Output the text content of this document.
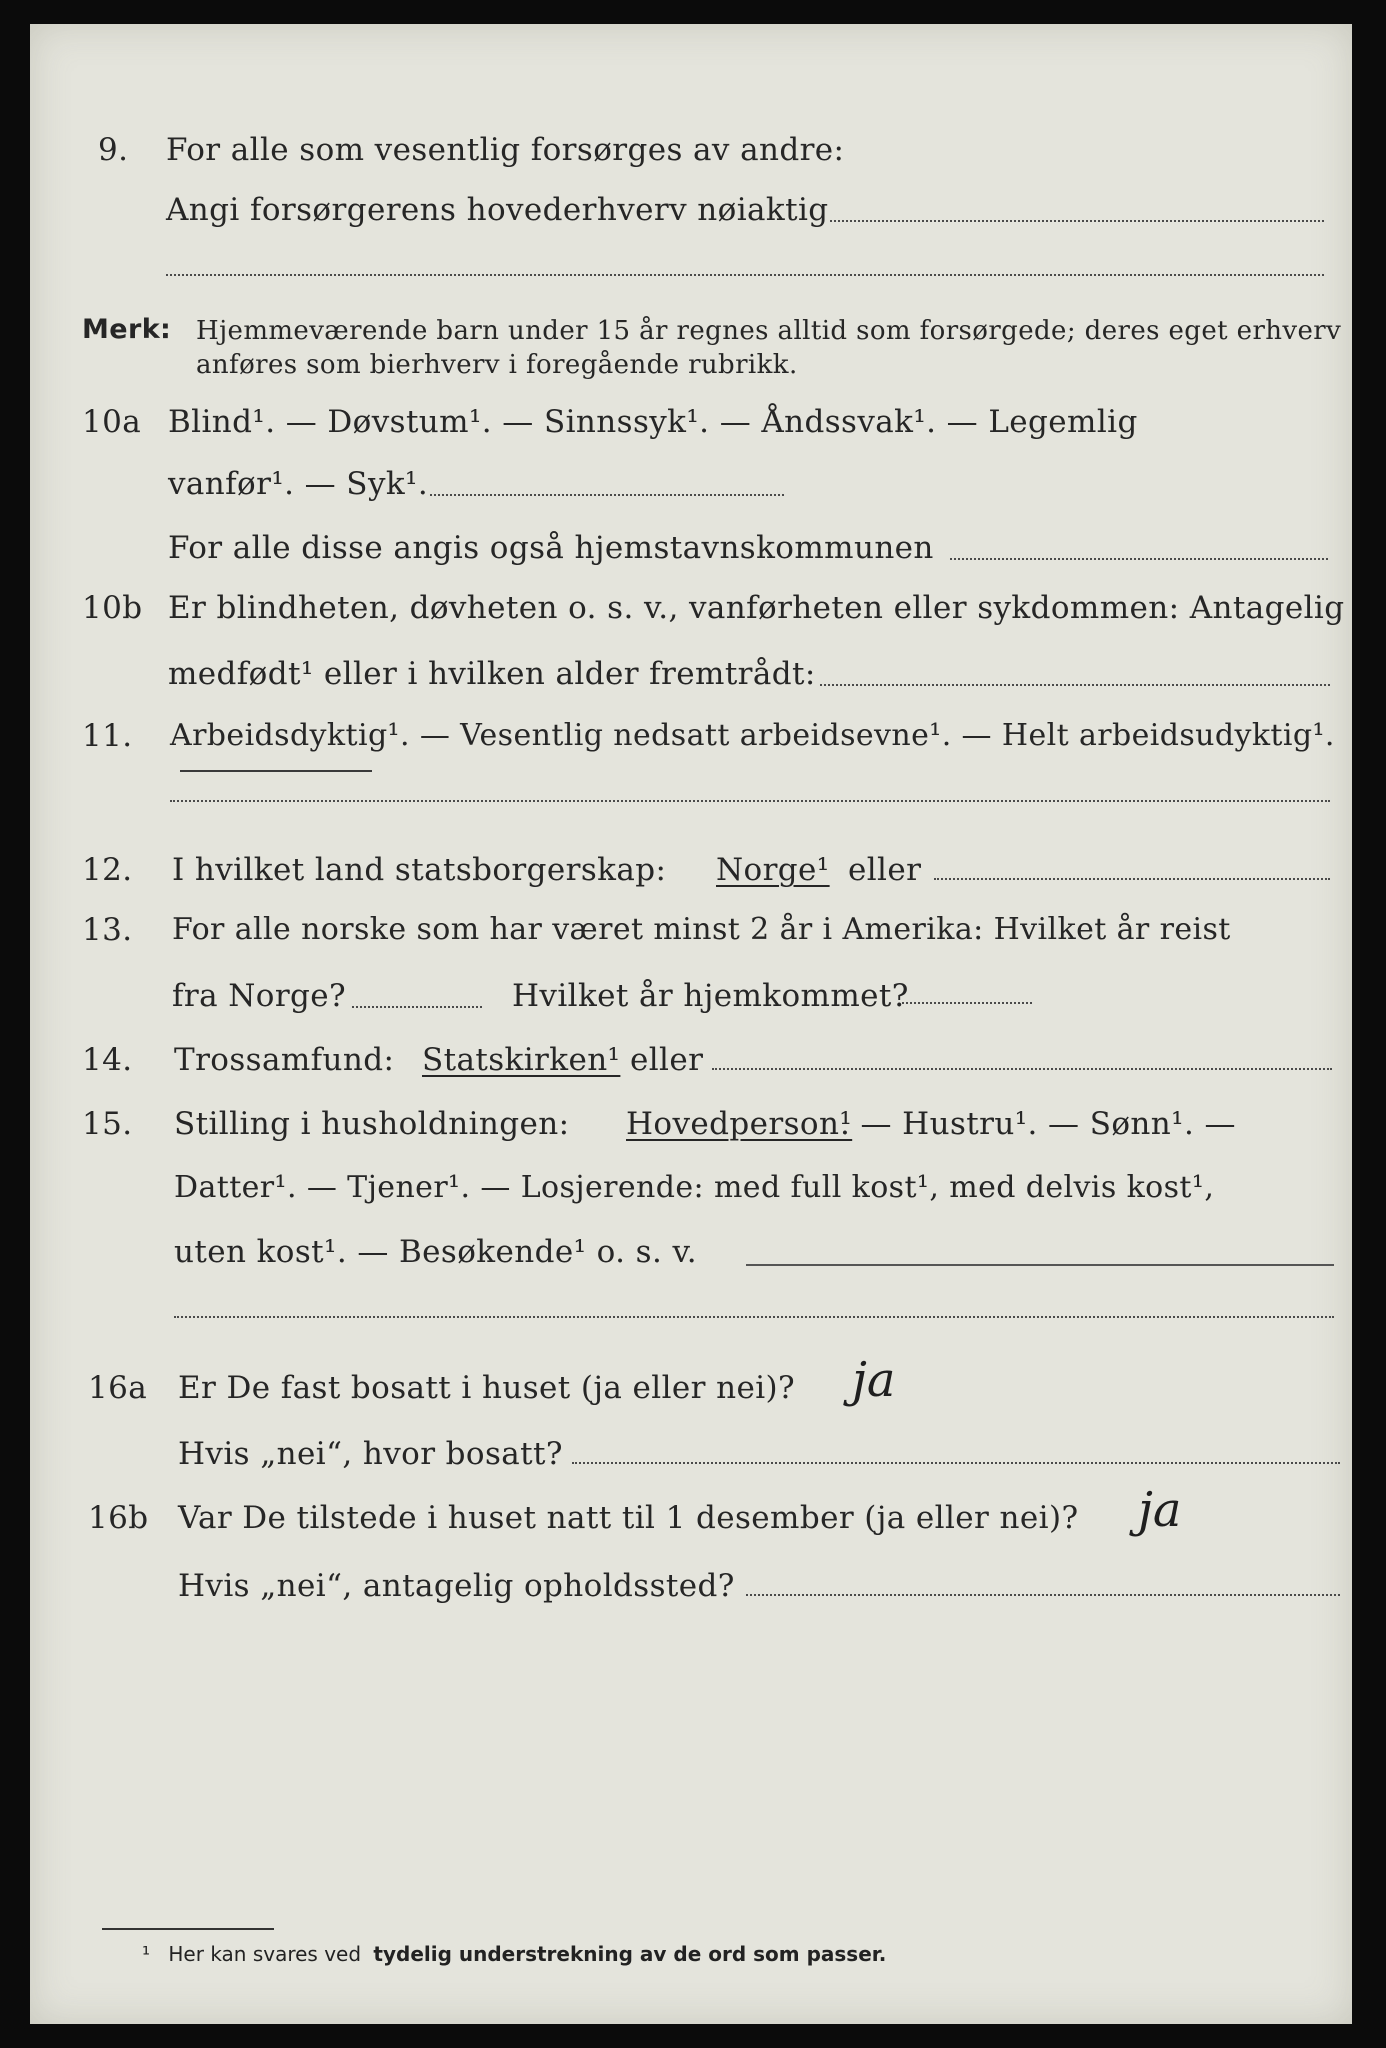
9. For alle som vesentlig forsørges av andre:
Angi forsørgerens hovederhverv nøiaktig
Merk: Hjemmeværende barn under 15 år regnes alltid som forsørgede; deres eget erhverv
anføres som bierhverv i foregående rubrikk.
10a Blind¹. — Døvstum¹. — Sinnssyk¹. — Åndssvak¹. — Legemlig
vanfør¹. — Syk¹.
For alle disse angis også hjemstavnskommunen
10b Er blindheten, døvheten o. s. v., vanførheten eller sykdommen: Antagelig
medfødt¹ eller i hvilken alder fremtrådt:
11. Arbeidsdyktig¹. — Vesentlig nedsatt arbeidsevne¹. — Helt arbeidsudyktig¹.
12. I hvilket land statsborgerskap: Norge¹ eller
13. For alle norske som har været minst 2 år i Amerika: Hvilket år reist
fra Norge?	Hvilket år hjemkommet?
14. Trossamfund: Statskirken¹ eller
15. Stilling i husholdningen: Hovedperson¹
. — Hustru¹. — Sønn¹. —
Datter¹. — Tjener¹. — Losjerende: med full kost¹, med delvis kost¹,
uten kost¹. — Besøkende¹ o. s. v.
16a Er De fast bosatt i huset (ja eller nei)? ja
Hvis „nei“, hvor bosatt?
16b Var De tilstede i huset natt til 1 desember (ja eller nei)? ja
Hvis „nei“, antagelig opholdssted?
¹ Her kan svares ved tydelig understrekning av de ord som passer.
